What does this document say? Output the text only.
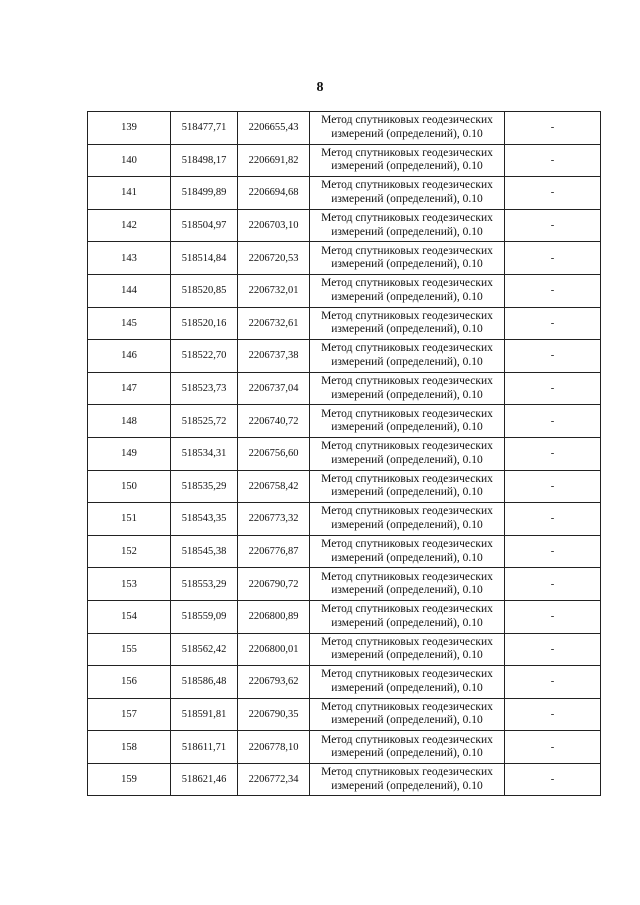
8
139	518477,71	2206655,43	Метод спутниковых геодезических
измерений (определений), 0.10	-
140	518498,17	2206691,82	Метод спутниковых геодезических
измерений (определений), 0.10	-
141	518499,89	2206694,68	Метод спутниковых геодезических
измерений (определений), 0.10	-
142	518504,97	2206703,10	Метод спутниковых геодезических
измерений (определений), 0.10	-
143	518514,84	2206720,53	Метод спутниковых геодезических
измерений (определений), 0.10	-
144	518520,85	2206732,01	Метод спутниковых геодезических
измерений (определений), 0.10	-
145	518520,16	2206732,61	Метод спутниковых геодезических
измерений (определений), 0.10	-
146	518522,70	2206737,38	Метод спутниковых геодезических
измерений (определений), 0.10	-
147	518523,73	2206737,04	Метод спутниковых геодезических
измерений (определений), 0.10	-
148	518525,72	2206740,72	Метод спутниковых геодезических
измерений (определений), 0.10	-
149	518534,31	2206756,60	Метод спутниковых геодезических
измерений (определений), 0.10	-
150	518535,29	2206758,42	Метод спутниковых геодезических
измерений (определений), 0.10	-
151	518543,35	2206773,32	Метод спутниковых геодезических
измерений (определений), 0.10	-
152	518545,38	2206776,87	Метод спутниковых геодезических
измерений (определений), 0.10	-
153	518553,29	2206790,72	Метод спутниковых геодезических
измерений (определений), 0.10	-
154	518559,09	2206800,89	Метод спутниковых геодезических
измерений (определений), 0.10	-
155	518562,42	2206800,01	Метод спутниковых геодезических
измерений (определений), 0.10	-
156	518586,48	2206793,62	Метод спутниковых геодезических
измерений (определений), 0.10	-
157	518591,81	2206790,35	Метод спутниковых геодезических
измерений (определений), 0.10	-
158	518611,71	2206778,10	Метод спутниковых геодезических
измерений (определений), 0.10	-
159	518621,46	2206772,34	Метод спутниковых геодезических
измерений (определений), 0.10	-
